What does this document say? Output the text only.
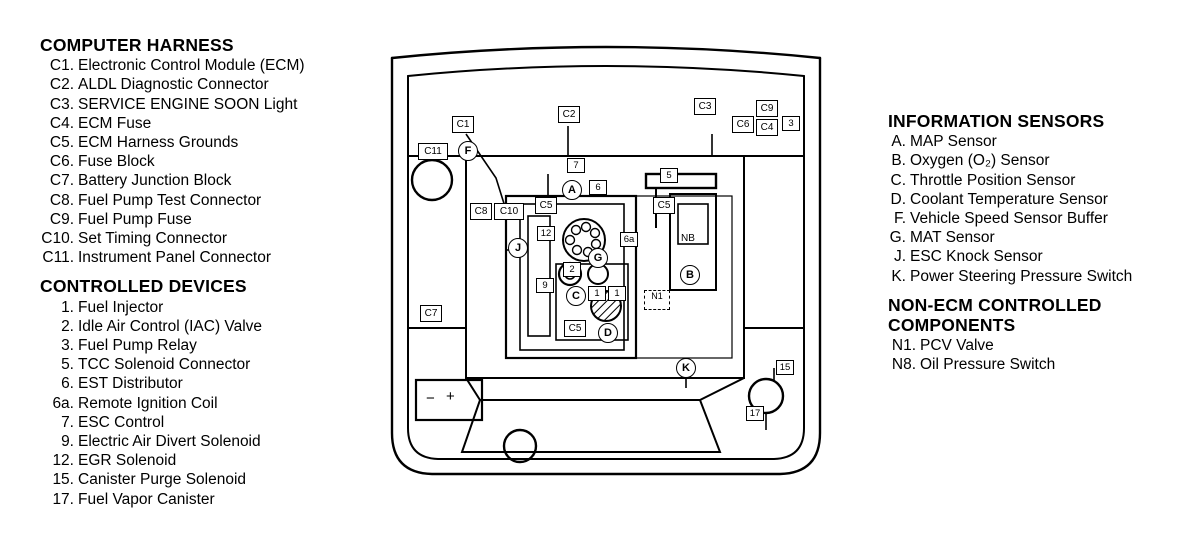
COMPUTER HARNESS
C1. Electronic Control Module (ECM)
C2. ALDL Diagnostic Connector
C3. SERVICE ENGINE SOON Light
C4. ECM Fuse
C5. ECM Harness Grounds
C6. Fuse Block
C7. Battery Junction Block
C8. Fuel Pump Test Connector
C9. Fuel Pump Fuse
C10. Set Timing Connector
C11. Instrument Panel Connector
CONTROLLED DEVICES
1. Fuel Injector
2. Idle Air Control (IAC) Valve
3. Fuel Pump Relay
5. TCC Solenoid Connector
6. EST Distributor
6a. Remote Ignition Coil
7. ESC Control
9. Electric Air Divert Solenoid
12. EGR Solenoid
15. Canister Purge Solenoid
17. Fuel Vapor Canister
INFORMATION SENSORS
A. MAP Sensor
B. Oxygen (O₂) Sensor
C. Throttle Position Sensor
D. Coolant Temperature Sensor
F. Vehicle Speed Sensor Buffer
G. MAT Sensor
J. ESC Knock Sensor
K. Power Steering Pressure Switch
NON-ECM CONTROLLED
COMPONENTS
N1. PCV Valve
N8. Oil Pressure Switch
C1
C11	F
C2
C3
C6
C9
C4	3
7
A	6
5
C8	C10
C5	C5
NB
J
12
6a
2
G
B
9
C	1	1	N1
C7
C5	D
K	15
17
− +
